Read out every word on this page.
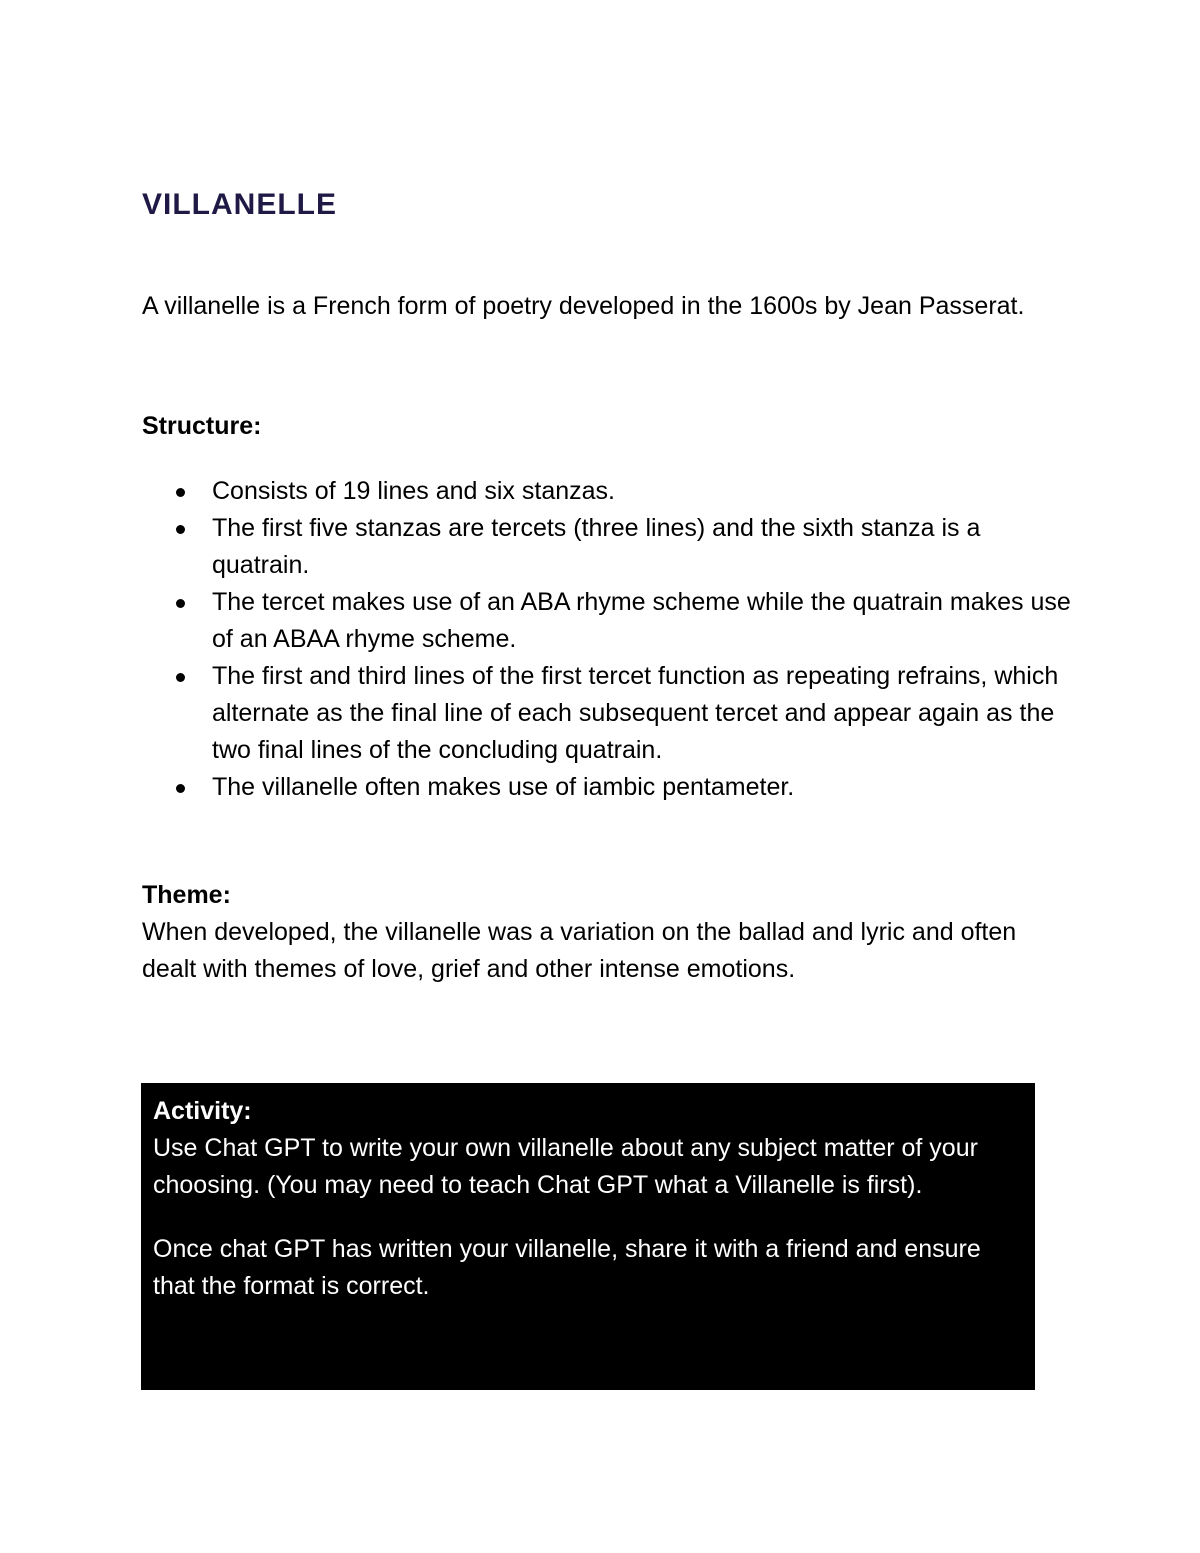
VILLANELLE

A villanelle is a French form of poetry developed in the 1600s by Jean Passerat.

Structure:
Consists of 19 lines and six stanzas.
The first five stanzas are tercets (three lines) and the sixth stanza is a quatrain.
The tercet makes use of an ABA rhyme scheme while the quatrain makes use of an ABAA rhyme scheme.
The first and third lines of the first tercet function as repeating refrains, which alternate as the final line of each subsequent tercet and appear again as the two final lines of the concluding quatrain.
The villanelle often makes use of iambic pentameter.
Theme:

When developed, the villanelle was a variation on the ballad and lyric and often dealt with themes of love, grief and other intense emotions.

Activity:

Use Chat GPT to write your own villanelle about any subject matter of your choosing. (You may need to teach Chat GPT what a Villanelle is first).

Once chat GPT has written your villanelle, share it with a friend and ensure that the format is correct.
